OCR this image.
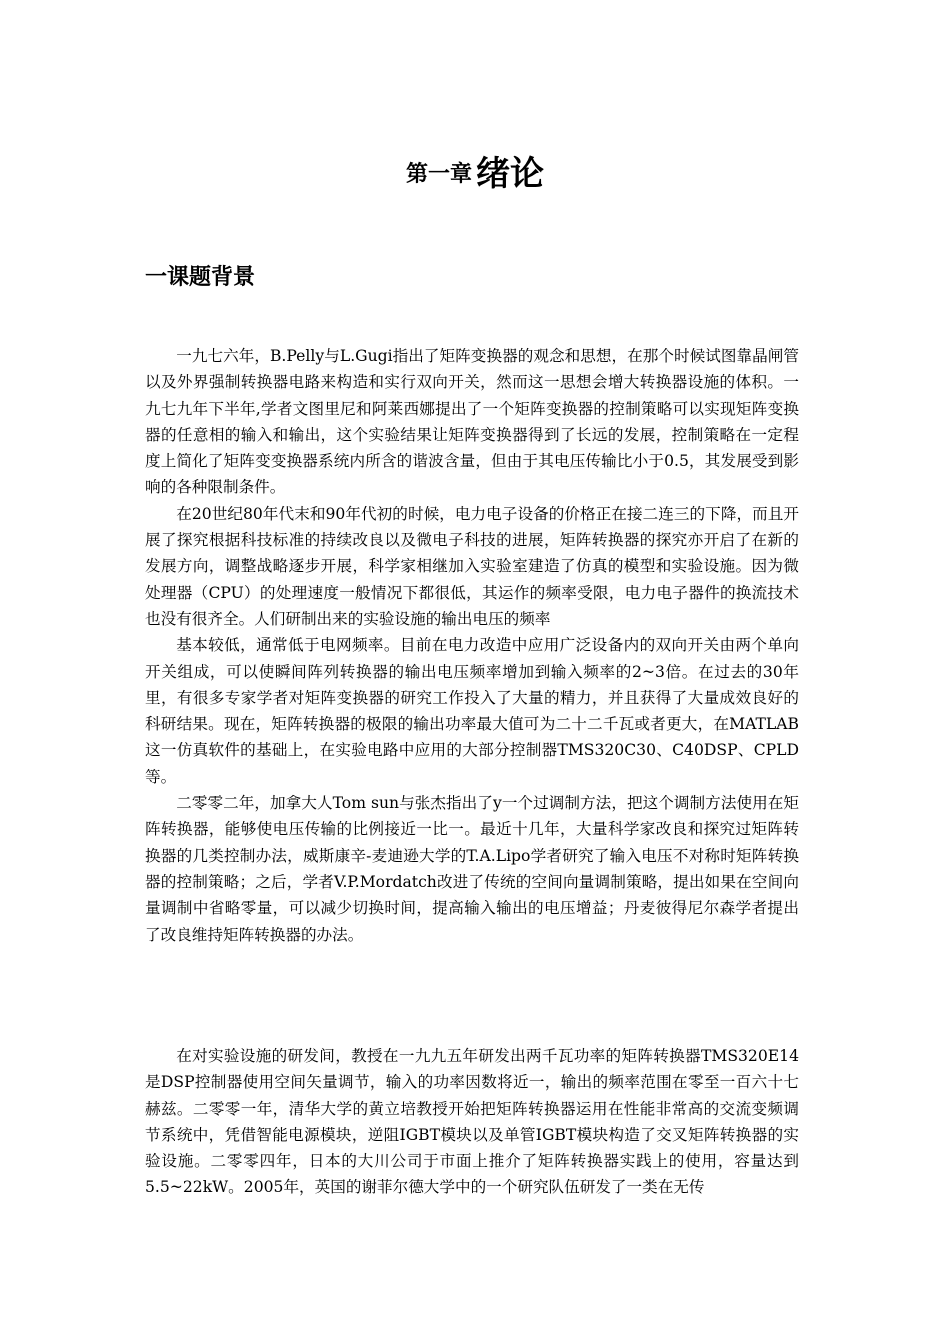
第一章 绪论
一课题背景

一九七六年，B.Pelly与L.Gugi指出了矩阵变换器的观念和思想，在那个时候试图靠晶闸管以及外界强制转换器电路来构造和实行双向开关，然而这一思想会增大转换器设施的体积。一九七九年下半年,学者文图里尼和阿莱西娜提出了一个矩阵变换器的控制策略可以实现矩阵变换器的任意相的输入和输出，这个实验结果让矩阵变换器得到了长远的发展，控制策略在一定程度上简化了矩阵变变换器系统内所含的谐波含量，但由于其电压传输比小于0.5，其发展受到影响的各种限制条件。

在20世纪80年代末和90年代初的时候，电力电子设备的价格正在接二连三的下降，而且开展了探究根据科技标准的持续改良以及微电子科技的进展，矩阵转换器的探究亦开启了在新的发展方向，调整战略逐步开展，科学家相继加入实验室建造了仿真的模型和实验设施。因为微处理器（CPU）的处理速度一般情况下都很低，其运作的频率受限，电力电子器件的换流技术也没有很齐全。人们研制出来的实验设施的输出电压的频率

基本较低，通常低于电网频率。目前在电力改造中应用广泛设备内的双向开关由两个单向开关组成，可以使瞬间阵列转换器的输出电压频率增加到输入频率的2~3倍。在过去的30年里，有很多专家学者对矩阵变换器的研究工作投入了大量的精力，并且获得了大量成效良好的科研结果。现在，矩阵转换器的极限的输出功率最大值可为二十二千瓦或者更大，在MATLAB这一仿真软件的基础上，在实验电路中应用的大部分控制器TMS320C30、C40DSP、CPLD等。

二零零二年，加拿大人Tom sun与张杰指出了y一个过调制方法，把这个调制方法使用在矩阵转换器，能够使电压传输的比例接近一比一。最近十几年，大量科学家改良和探究过矩阵转换器的几类控制办法，威斯康辛-麦迪逊大学的T.A.Lipo学者研究了输入电压不对称时矩阵转换器的控制策略；之后，学者V.P.Mordatch改进了传统的空间向量调制策略，提出如果在空间向量调制中省略零量，可以减少切换时间，提高输入输出的电压增益；丹麦彼得尼尔森学者提出了改良维持矩阵转换器的办法。

在对实验设施的研发间，教授在一九九五年研发出两千瓦功率的矩阵转换器TMS320E14是DSP控制器使用空间矢量调节，输入的功率因数将近一，输出的频率范围在零至一百六十七赫兹。二零零一年，清华大学的黄立培教授开始把矩阵转换器运用在性能非常高的交流变频调节系统中，凭借智能电源模块，逆阻IGBT模块以及单管IGBT模块构造了交叉矩阵转换器的实验设施。二零零四年，日本的大川公司于市面上推介了矩阵转换器实践上的使用，容量达到5.5~22kW。2005年，英国的谢菲尔德大学中的一个研究队伍研发了一类在无传
